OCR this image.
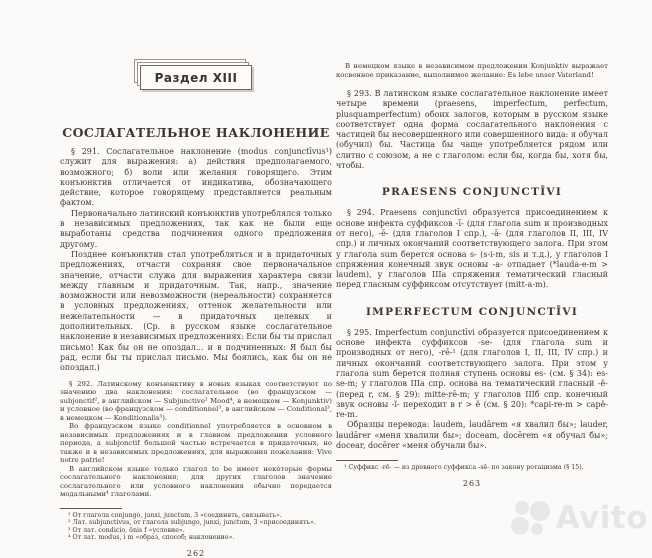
Раздел XIII
СОСЛАГАТЕЛЬНОЕ НАКЛОНЕНИЕ

§ 291. Сослагательное наклонение (modus conjunctīvus¹) служит для выражения: а) действия предполагаемого, возможного; б) воли или желания говорящего. Этим конъюнктив отличается от индикатива, обозначающего действие, которое говорящему представляется реальным фактом.

Первоначально латинский конъюнктив употреблялся только в независимых предложениях, так как не были еще выработаны средства подчинения одного предложения другому.

Позднее конъюнктив стал употребляться и в придаточных предложениях, отчасти сохраняя свое первоначальное значение, отчасти служа для выражения характера связи между главным и придаточным. Так, напр., значение возможности или невозможности (нереальности) сохраняется в условных предложениях, оттенок желательности или нежелательности — в придаточных целевых и дополнительных. (Ср. в русском языке сослагательное наклонение в независимых предложениях: Если бы ты прислал письмо! Как бы он не опоздал... и в подчиненных: Я был бы рад, если бы ты прислал письмо. Мы боялись, как бы он не опоздал.)

§ 292. Латинскому конъюнктиву в новых языках соответствуют по значению два наклонения: сослагательное (во французском — subjonctif², в английском — Subjunctive² Mood⁴, в немецком — Konjunktiv) и условное (во французском — conditionnel³, в английском — Conditional³, в немецком — Konditionalis³).

Во французском языке conditionnel употребляется в основном в независимых предложениях и в главном предложении условного периода, а subjonctif большей частью встречается в придаточных, но также и в независимых предложениях, для выражения пожелания: Vive notre patrie!

В английском языке только глагол to be имеет некоторые формы сослагательного наклонения; для других глаголов значение сослагательного или условного наклонения обычно передается модальными⁴ глаголами.

¹ От глагола conjungo, junxi, junctum, 3 «соединять, связывать».

² Лат. subjunctivus, от глагола subjungo, junxi, junctum, 3 «присоединять».

³ От лат. condicio, ōnis f «условие».

⁴ От лат. modus, i m «образ, способ; наклонение».

262

В немецком языке в независимом предложении Konjunktiv выражает косвенное приказание, выполнимое желание: Es lebe unser Vaterland!

§ 293. В латинском языке сослагательное наклонение имеет четыре времени (praesens, imperfectum, perfectum, plusquamperfectum) обоих залогов, которым в русском языке соответствует одна форма сослагательного наклонения с частицей бы несовершенного или совершенного вида: я обучал (обучил) бы. Частица бы чаще употребляется рядом или слитно с союзом, а не с глаголом: если бы, когда бы, хотя бы, чтобы.

PRAESENS CONJUNCTĪVI

§ 294. Praesens conjunctīvi образуется присоединением к основе инфекта суффиксов -ī- (для глагола sum и производных от него), -ē- (для глаголов I спр.), -ā- (для глаголов II, III, IV спр.) и личных окончаний соответствующего залога. При этом у глагола sum берется основа s- (s-i-m, sis и т.д.), у глаголов I спряжения конечный звук основы -a- отпадает (*lauda-e-m > laudem), у глаголов IIIа спряжения тематический гласный перед гласным суффиксом отсутствует (mitt-a-m).

IMPERFECTUM CONJUNCTĪVI

§ 295. Imperfectum conjunctīvi образуется присоединением к основе инфекта суффиксов -se- (для глагола sum и производных от него), -rē-¹ (для глаголов I, II, III, IV спр.) и личных окончаний соответствующего залога. При этом у глагола sum берется полная ступень основы es- (см. § 34): es-se-m; у глаголов IIIа спр. основа на тематический гласный -ĕ- (перед r, см. § 29): mitte-rē-m; у глаголов IIIб спр. конечный звук основы -ĭ- переходит в r > ĕ (см. § 20): *capi-re-m > capĕ-re-m.

Образцы перевода: laudem, laudārem «я хвалил бы»; lauder, laudārer «меня хвалили бы»; doceam, docērem «я обучал бы»; docear, docērer «меня обучали бы».

¹ Суффикс -rē- — из древнего суффикса -sē- по закону ротацизма (§ 15).

263
Avito
